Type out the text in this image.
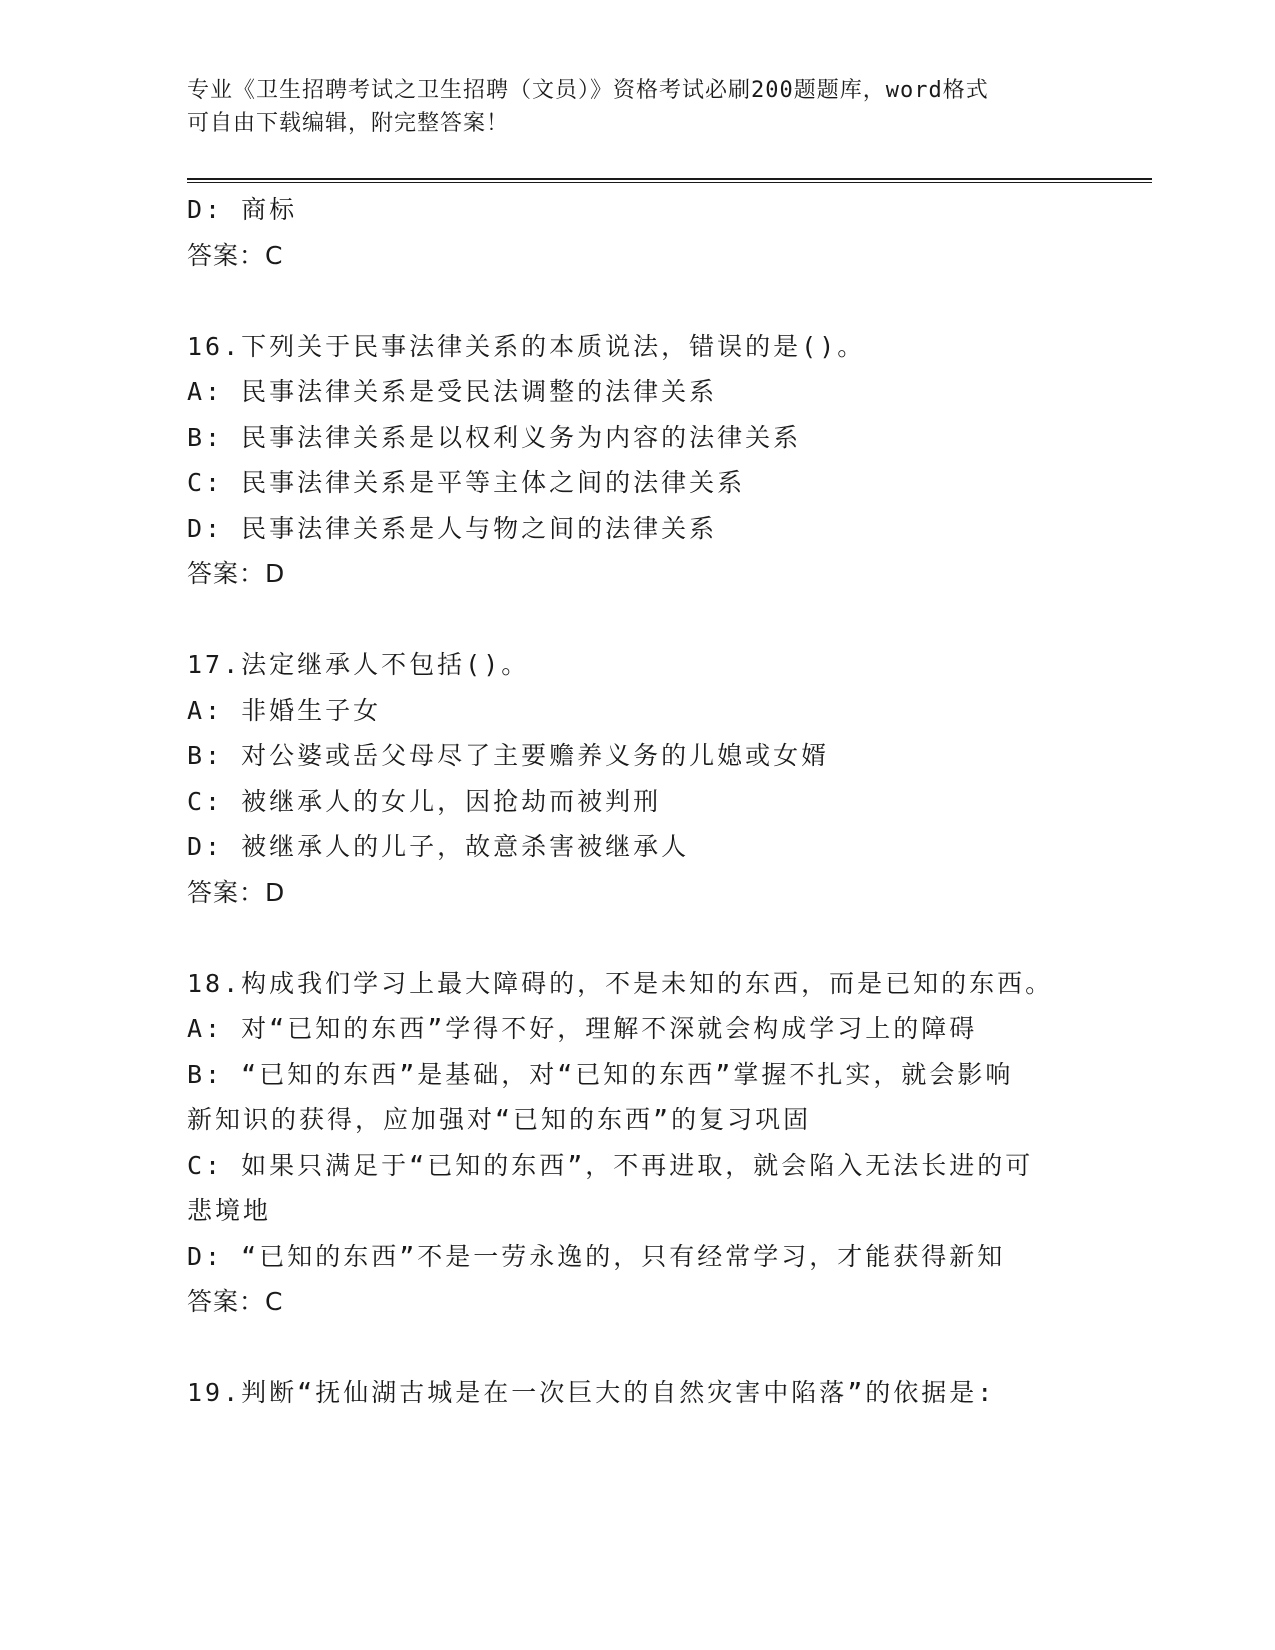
专业《卫生招聘考试之卫生招聘（文员）》资格考试必刷200题题库，word格式
可自由下载编辑，附完整答案！
D: 商标
答案：C
16.下列关于民事法律关系的本质说法，错误的是()。
A: 民事法律关系是受民法调整的法律关系
B: 民事法律关系是以权利义务为内容的法律关系
C: 民事法律关系是平等主体之间的法律关系
D: 民事法律关系是人与物之间的法律关系
答案：D
17.法定继承人不包括()。
A: 非婚生子女
B: 对公婆或岳父母尽了主要赡养义务的儿媳或女婿
C: 被继承人的女儿，因抢劫而被判刑
D: 被继承人的儿子，故意杀害被继承人
答案：D
18.构成我们学习上最大障碍的，不是未知的东西，而是已知的东西。
A: 对“已知的东西”学得不好，理解不深就会构成学习上的障碍
B: “已知的东西”是基础，对“已知的东西”掌握不扎实，就会影响
新知识的获得，应加强对“已知的东西”的复习巩固
C: 如果只满足于“已知的东西”，不再进取，就会陷入无法长进的可
悲境地
D: “已知的东西”不是一劳永逸的，只有经常学习，才能获得新知
答案：C
19.判断“抚仙湖古城是在一次巨大的自然灾害中陷落”的依据是:
